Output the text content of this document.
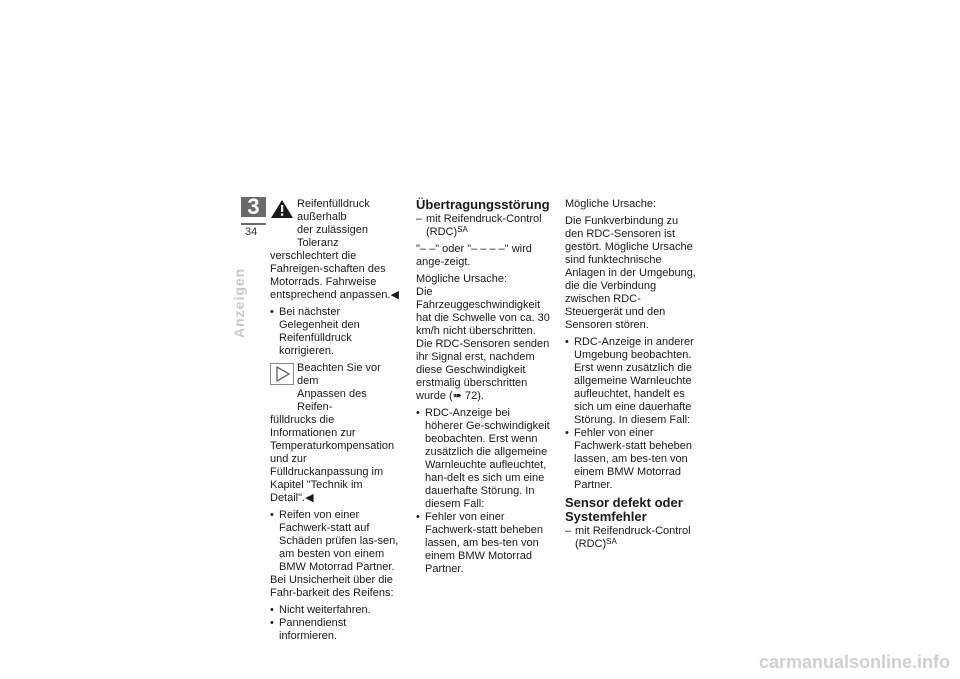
3
34
Anzeigen
Reifenfülldruck außerhalb
der zulässigen Toleranz
verschlechtert die Fahreigen-schaften des Motorrads. Fahrweise entsprechend anpassen.◀
• Bei nächster Gelegenheit den Reifenfülldruck korrigieren.
Beachten Sie vor dem
Anpassen des Reifen-
fülldrucks die Informationen zur Temperaturkompensation und zur Fülldruckanpassung im Kapitel "Technik im Detail".◀
• Reifen von einer Fachwerk-statt auf Schäden prüfen las-sen, am besten von einem BMW Motorrad Partner.
Bei Unsicherheit über die Fahr-barkeit des Reifens:
• Nicht weiterfahren.
• Pannendienst informieren.
Übertragungsstörung
– mit Reifendruck-Control (RDC)$^{SA}$
"– –" oder "– – – –" wird ange-zeigt.
Mögliche Ursache:
Die Fahrzeuggeschwindigkeit hat die Schwelle von ca. 30 km/h nicht überschritten. Die RDC-Sensoren senden ihr Signal erst, nachdem diese Geschwindigkeit erstmalig überschritten wurde (➠ 72).
• RDC-Anzeige bei höherer Ge-schwindigkeit beobachten. Erst wenn zusätzlich die allgemeine Warnleuchte aufleuchtet, han-delt es sich um eine dauerhafte Störung. In diesem Fall:
• Fehler von einer Fachwerk-statt beheben lassen, am bes-ten von einem BMW Motorrad Partner.
Mögliche Ursache:
Die Funkverbindung zu den RDC-Sensoren ist gestört. Mögliche Ursache sind funktechnische Anlagen in der Umgebung, die die Verbindung zwischen RDC-Steuergerät und den Sensoren stören.
• RDC-Anzeige in anderer Umgebung beobachten. Erst wenn zusätzlich die allgemeine Warnleuchte aufleuchtet, handelt es sich um eine dauerhafte Störung. In diesem Fall:
• Fehler von einer Fachwerk-statt beheben lassen, am bes-ten von einem BMW Motorrad Partner.
Sensor defekt oder Systemfehler
– mit Reifendruck-Control (RDC)$^{SA}$
carmanualsonline.info
